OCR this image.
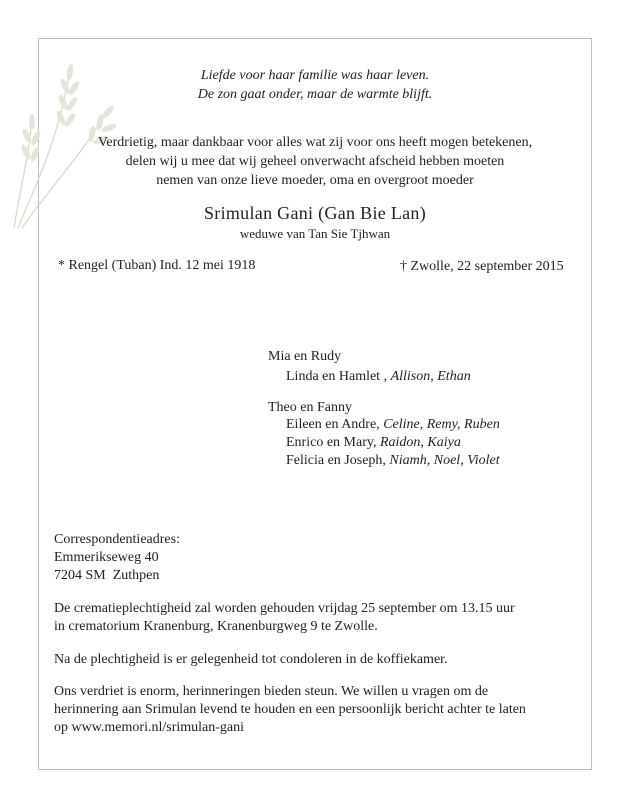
Liefde voor haar familie was haar leven.
De zon gaat onder, maar de warmte blijft.
Verdrietig, maar dankbaar voor alles wat zij voor ons heeft mogen betekenen,
delen wij u mee dat wij geheel onverwacht afscheid hebben moeten
nemen van onze lieve moeder, oma en overgroot moeder
Srimulan Gani (Gan Bie Lan)
weduwe van Tan Sie Tjhwan
* Rengel (Tuban) Ind. 12 mei 1918	† Zwolle, 22 september 2015
Mia en Rudy
Linda en Hamlet , Allison, Ethan
Theo en Fanny
Eileen en Andre, Celine, Remy, Ruben
Enrico en Mary, Raidon, Kaiya
Felicia en Joseph, Niamh, Noel, Violet
Correspondentieadres:
Emmerikseweg 40
7204 SM  Zuthpen
De crematieplechtigheid zal worden gehouden vrijdag 25 september om 13.15 uur
in crematorium Kranenburg, Kranenburgweg 9 te Zwolle.
Na de plechtigheid is er gelegenheid tot condoleren in de koffiekamer.
Ons verdriet is enorm, herinneringen bieden steun. We willen u vragen om de
herinnering aan Srimulan levend te houden en een persoonlijk bericht achter te laten
op www.memori.nl/srimulan-gani
